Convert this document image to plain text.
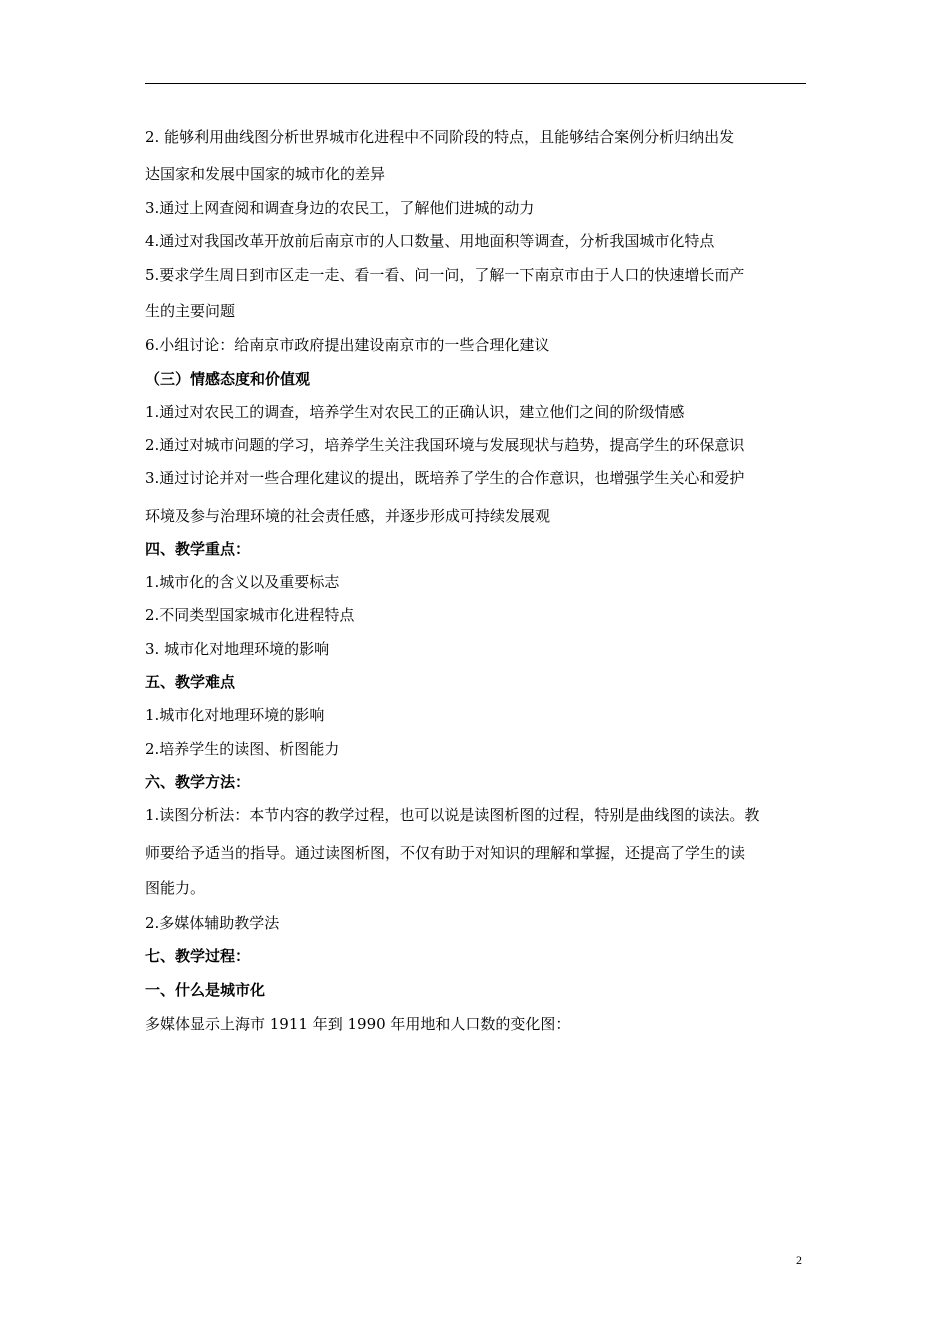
2. 能够利用曲线图分析世界城市化进程中不同阶段的特点，且能够结合案例分析归纳出发
达国家和发展中国家的城市化的差异
3.通过上网查阅和调查身边的农民工，了解他们进城的动力
4.通过对我国改革开放前后南京市的人口数量、用地面积等调查，分析我国城市化特点
5.要求学生周日到市区走一走、看一看、问一问，了解一下南京市由于人口的快速增长而产
生的主要问题
6.小组讨论：给南京市政府提出建设南京市的一些合理化建议
（三）情感态度和价值观
1.通过对农民工的调查，培养学生对农民工的正确认识，建立他们之间的阶级情感
2.通过对城市问题的学习，培养学生关注我国环境与发展现状与趋势，提高学生的环保意识
3.通过讨论并对一些合理化建议的提出，既培养了学生的合作意识，也增强学生关心和爱护
环境及参与治理环境的社会责任感，并逐步形成可持续发展观
四、教学重点：
1.城市化的含义以及重要标志
2.不同类型国家城市化进程特点
3. 城市化对地理环境的影响
五、教学难点
1.城市化对地理环境的影响
2.培养学生的读图、析图能力
六、教学方法：
1.读图分析法：本节内容的教学过程，也可以说是读图析图的过程，特别是曲线图的读法。教
师要给予适当的指导。通过读图析图，不仅有助于对知识的理解和掌握，还提高了学生的读
图能力。
2.多媒体辅助教学法
七、教学过程：
一、什么是城市化
多媒体显示上海市 1911 年到 1990 年用地和人口数的变化图：
2
